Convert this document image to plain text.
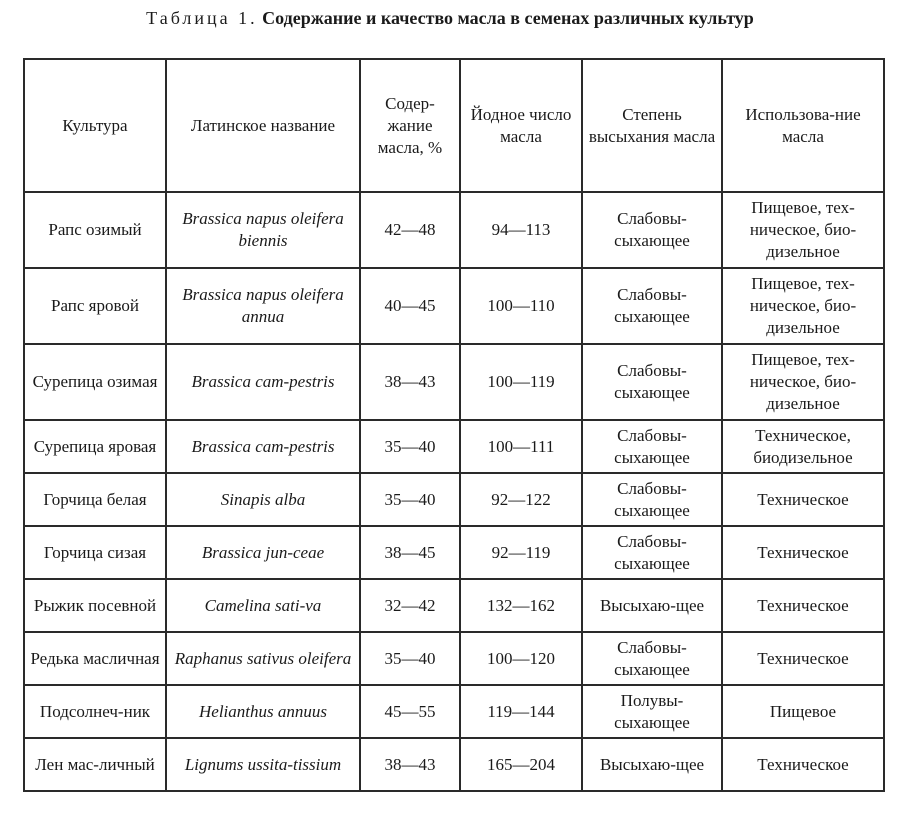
Таблица 1. Содержание и качество масла в семенах различных культур
Культура	Латинское название	Содер-жание масла, %	Йодное число масла	Степень высыхания масла	Использова-ние масла
Рапс озимый	Brassica napus oleifera biennis	42—48	94—113	Слабовы-сыхающее	Пищевое, тех-ническое, био-дизельное
Рапс яровой	Brassica napus oleifera annua	40—45	100—110	Слабовы-сыхающее	Пищевое, тех-ническое, био-дизельное
Сурепица озимая	Brassica cam-pestris	38—43	100—119	Слабовы-сыхающее	Пищевое, тех-ническое, био-дизельное
Сурепица яровая	Brassica cam-pestris	35—40	100—111	Слабовы-сыхающее	Техническое, биодизельное
Горчица белая	Sinapis alba	35—40	92—122	Слабовы-сыхающее	Техническое
Горчица сизая	Brassica jun-ceae	38—45	92—119	Слабовы-сыхающее	Техническое
Рыжик посевной	Camelina sati-va	32—42	132—162	Высыхаю-щее	Техническое
Редька масличная	Raphanus sativus oleifera	35—40	100—120	Слабовы-сыхающее	Техническое
Подсолнеч-ник	Helianthus annuus	45—55	119—144	Полувы-сыхающее	Пищевое
Лен мас-личный	Lignums ussita-tissium	38—43	165—204	Высыхаю-щее	Техническое
